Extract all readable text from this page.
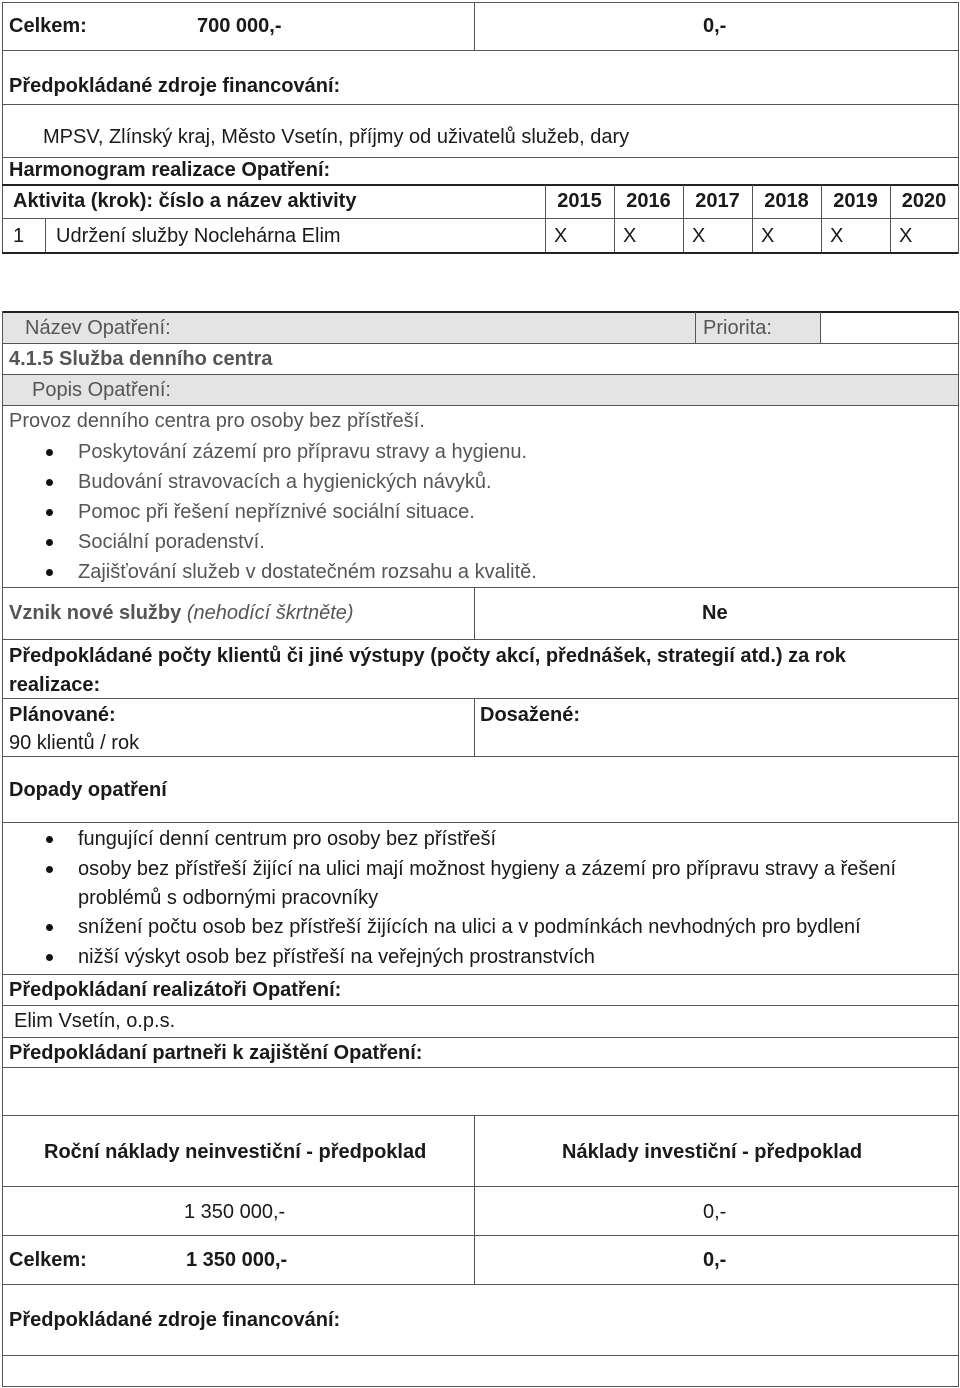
Celkem:	700 000,-	0,-
Předpokládané zdroje financování:
MPSV, Zlínský kraj, Město Vsetín, příjmy od uživatelů služeb, dary
Harmonogram realizace Opatření:
Aktivita (krok): číslo a název aktivity	2015	2016	2017	2018	2019	2020
1 Udržení služby Noclehárna Elim	X	X	X	X	X	X
Název Opatření:	Priorita:
4.1.5 Služba denního centra
Popis Opatření:
Provoz denního centra pro osoby bez přístřeší.
Poskytování zázemí pro přípravu stravy a hygienu.
Budování stravovacích a hygienických návyků.
Pomoc při řešení nepříznivé sociální situace.
Sociální poradenství.
Zajišťování služeb v dostatečném rozsahu a kvalitě.
Vznik nové služby (nehodící škrtněte)	Ne
Předpokládané počty klientů či jiné výstupy (počty akcí, přednášek, strategií atd.) za rok
realizace:
Plánované:
90 klientů / rok
Dosažené:
Dopady opatření
fungující denní centrum pro osoby bez přístřeší
osoby bez přístřeší žijící na ulici mají možnost hygieny a zázemí pro přípravu stravy a řešení
problémů s odbornými pracovníky
snížení počtu osob bez přístřeší žijících na ulici a v podmínkách nevhodných pro bydlení
nižší výskyt osob bez přístřeší na veřejných prostranstvích
Předpokládaní realizátoři Opatření:
Elim Vsetín, o.p.s.
Předpokládaní partneři k zajištění Opatření:
Roční náklady neinvestiční - předpoklad	Náklady investiční - předpoklad
1 350 000,-	0,-
Celkem:	1 350 000,-	0,-
Předpokládané zdroje financování:
